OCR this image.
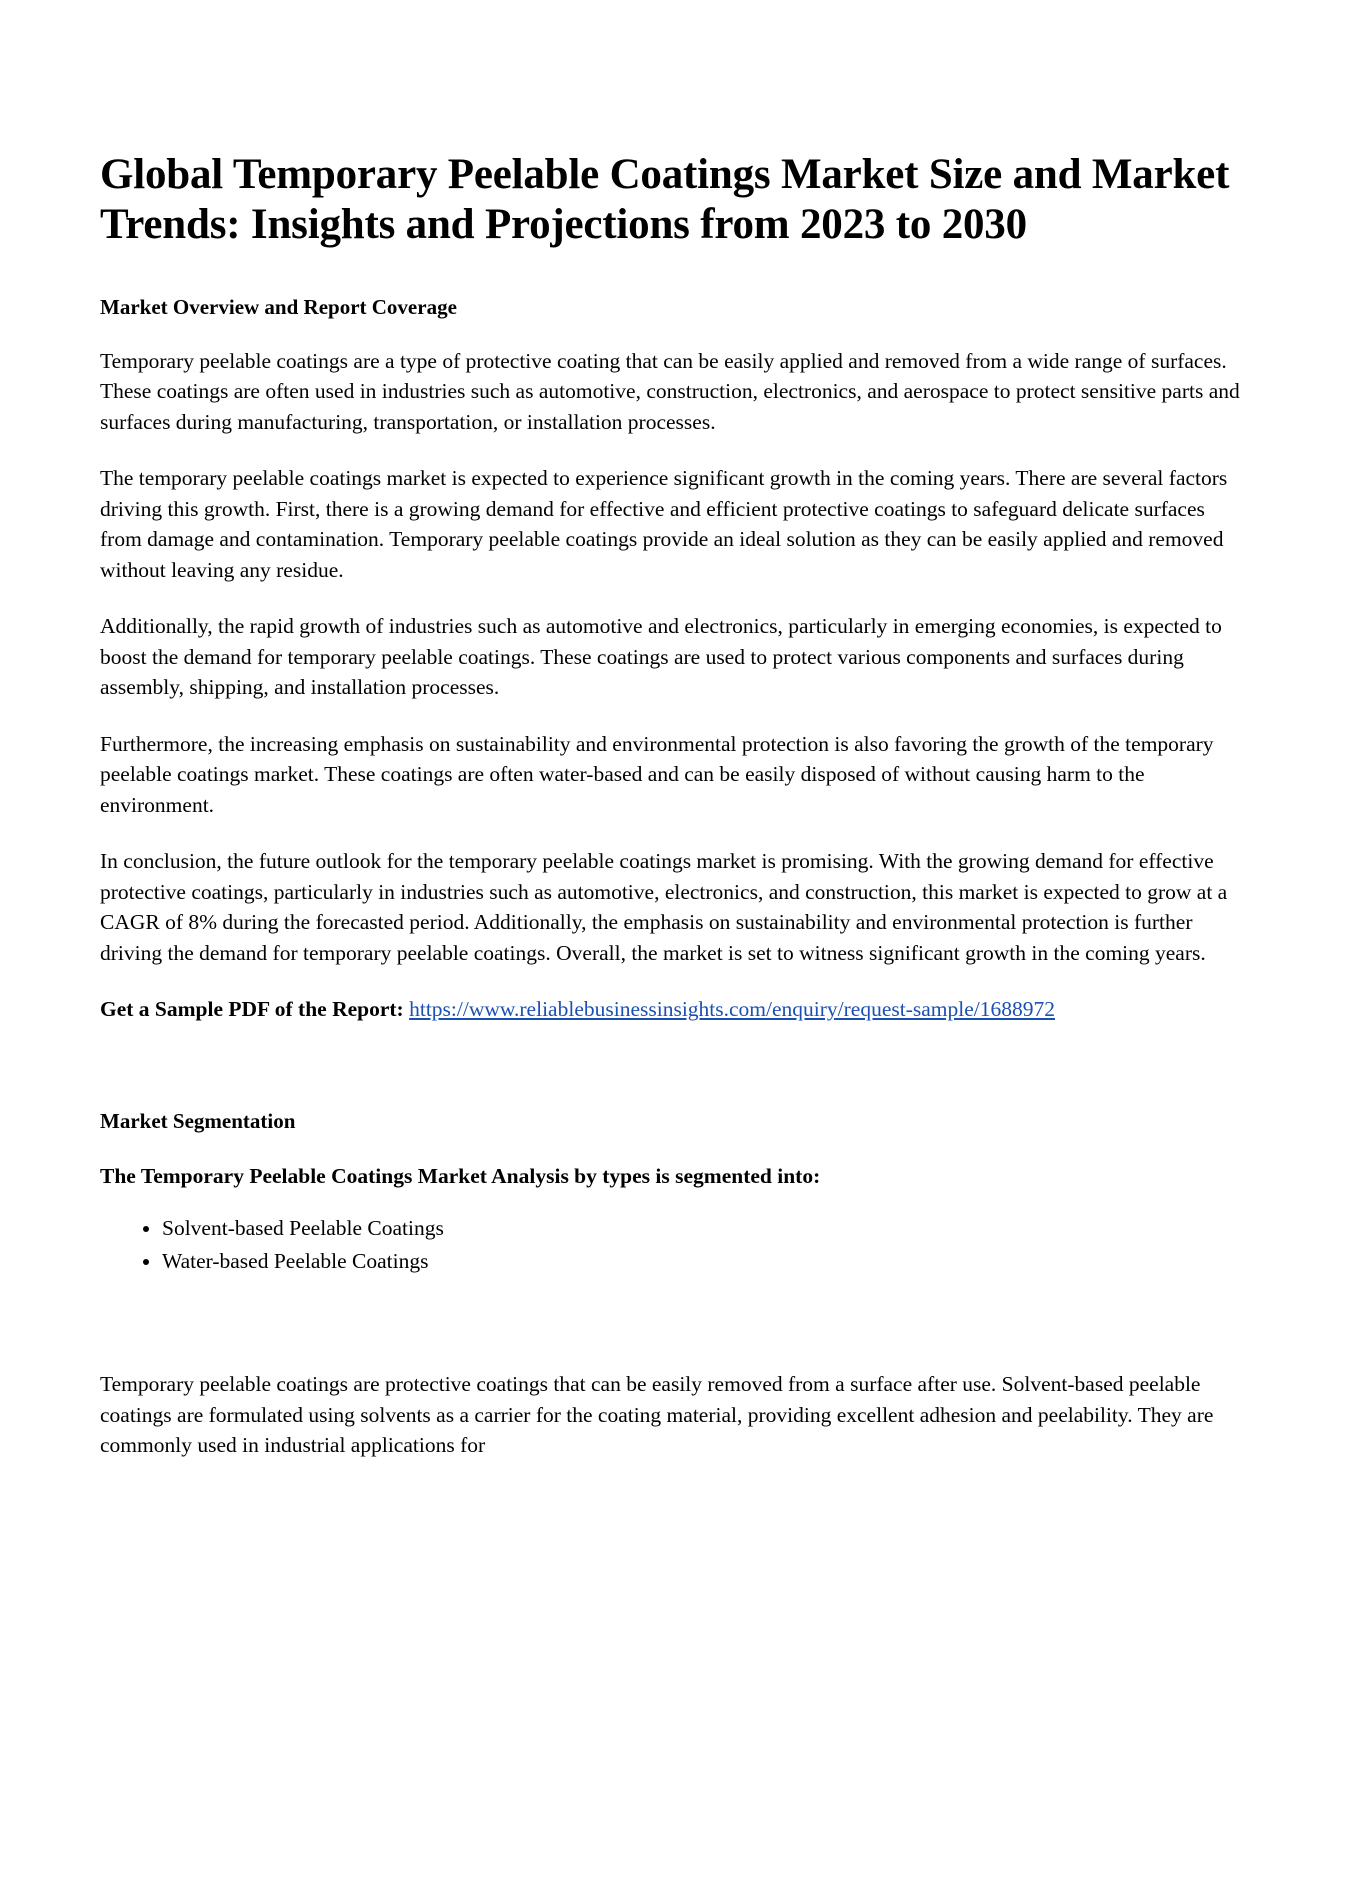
Global Temporary Peelable Coatings Market Size and Market Trends: Insights and Projections from 2023 to 2030
Market Overview and Report Coverage

Temporary peelable coatings are a type of protective coating that can be easily applied and removed from a wide range of surfaces. These coatings are often used in industries such as automotive, construction, electronics, and aerospace to protect sensitive parts and surfaces during manufacturing, transportation, or installation processes.

The temporary peelable coatings market is expected to experience significant growth in the coming years. There are several factors driving this growth. First, there is a growing demand for effective and efficient protective coatings to safeguard delicate surfaces from damage and contamination. Temporary peelable coatings provide an ideal solution as they can be easily applied and removed without leaving any residue.

Additionally, the rapid growth of industries such as automotive and electronics, particularly in emerging economies, is expected to boost the demand for temporary peelable coatings. These coatings are used to protect various components and surfaces during assembly, shipping, and installation processes.

Furthermore, the increasing emphasis on sustainability and environmental protection is also favoring the growth of the temporary peelable coatings market. These coatings are often water-based and can be easily disposed of without causing harm to the environment.

In conclusion, the future outlook for the temporary peelable coatings market is promising. With the growing demand for effective protective coatings, particularly in industries such as automotive, electronics, and construction, this market is expected to grow at a CAGR of 8% during the forecasted period. Additionally, the emphasis on sustainability and environmental protection is further driving the demand for temporary peelable coatings. Overall, the market is set to witness significant growth in the coming years.

Get a Sample PDF of the Report: https://www.reliablebusinessinsights.com/enquiry/request-sample/1688972

Market Segmentation
The Temporary Peelable Coatings Market Analysis by types is segmented into:
• Solvent-based Peelable Coatings
• Water-based Peelable Coatings

Temporary peelable coatings are protective coatings that can be easily removed from a surface after use. Solvent-based peelable coatings are formulated using solvents as a carrier for the coating material, providing excellent adhesion and peelability. They are commonly used in industrial applications for
